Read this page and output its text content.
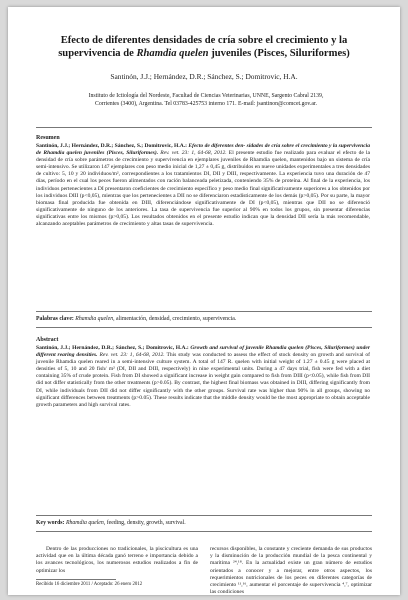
Efecto de diferentes densidades de cría sobre el crecimiento y la
supervivencia de Rhamdia quelen juveniles (Pisces, Siluriformes)
Santinón, J.J.; Hernández, D.R.; Sánchez, S.; Domitrovic, H.A.
Instituto de Ictiología del Nordeste, Facultad de Ciencias Veterinarias, UNNE, Sargento Cabral 2139,
Corrientes (3400), Argentina. Tel 03783-425753 interno 171. E-mail: jsantinon@comcet.gov.ar.
Resumen
Santinón, J.J.; Hernández, D.R.; Sánchez, S.; Domitrovic, H.A.: Efecto de diferentes den- sidades de cría sobre el crecimiento y la supervivencia de Rhamdia quelen juveniles (Pisces, Siluriformes). Rev. vet. 23: 1, 64-68, 2012. El presente estudio fue realizado para evaluar el efecto de la densidad de cría sobre parámetros de crecimiento y supervivencia en ejemplares juveniles de Rhamdia quelen, mantenidos bajo un sistema de cría semi-intensivo. Se utilizaron 147 ejemplares con peso medio inicial de 1,27 ± 0,45 g, distribuidos en nueve unidades experimentales a tres densidades de cultivo: 5, 10 y 20 individuos/m², correspondientes a los tratamientos DI, DII y DIII, respectivamente. La experiencia tuvo una duración de 47 días, período en el cual los peces fueron alimentados con ración balanceada peletizada, conteniendo 35% de proteína. Al final de la experiencia, los individuos pertenecientes a DI presentaron coeficientes de crecimiento específico y peso medio final significativamente superiores a los obtenidos por los individuos DIII (p<0,05), mientras que los pertenecientes a DII no se diferenciaron estadísticamente de los demás (p>0,05). Por su parte, la mayor biomasa final producida fue obtenida en DIII, diferenciándose significativamente de DI (p<0,05), mientras que DII no se diferenció significativamente de ninguno de los anteriores. La tasa de supervivencia fue superior al 90% en todos los grupos, sin presentar diferencias significativas entre los mismos (p>0,05). Los resultados obtenidos en el presente estudio indican que la densidad DII sería la más recomendable, alcanzando aceptables parámetros de crecimiento y altas tasas de supervivencia.
Palabras clave: Rhamdia quelen, alimentación, densidad, crecimiento, supervivencia.
Abstract
Santinón, J.J.; Hernández, D.R.; Sánchez, S.; Domitrovic, H.A.: Growth and survival of juvenile Rhamdia quelen (Pisces, Siluriformes) under different rearing densities. Rev. vet. 23: 1, 64-68, 2012. This study was conducted to assess the effect of stock density on growth and survival of juvenile Rhamdia quelen reared in a semi-intensive culture system. A total of 147 R. quelen with initial weight of 1.27 ± 0.45 g were placed at densities of 5, 10 and 20 fish/ m² (DI, DII and DIII, respectively) in nine experimental units. During a 47 days trial, fish were fed with a diet containing 35% of crude protein. Fish from DI showed a significant increase in weight gain compared to fish from DIII (p<0.05), while fish from DII did not differ statistically from the other treatments (p>0.05). By contrast, the highest final biomass was obtained in DIII, differing significantly from DI, while individuals from DII did not differ significantly with the other groups. Survival rate was higher than 90% in all groups, showing no significant differences between treatments (p>0.05). These results indicate that the middle density would be the most appropriate to obtain acceptable growth parameters and high survival rates.
Key words: Rhamdia quelen, feeding, density, growth, survival.
Dentro de las producciones no tradicionales, la piscicultura es una actividad que en la última década ganó terreno e importancia debido a los avances tecnológicos, los numerosos estudios realizados a fin de optimizar los
recursos disponibles, la constante y creciente demanda de sus productos y la disminución de la producción mundial de la pesca continental y marítima ²⁴,¹⁸. En la actualidad existe un gran número de estudios orientados a conocer y a mejorar, entre otros aspectos, los requerimientos nutricionales de los peces en diferentes categorías de crecimiento ¹¹,¹⁶, aumentar el porcentaje de supervivencia ⁴,⁷, optimizar las condiciones
Recibido 16 diciembre 2011 / Aceptado: 26 enero 2012
